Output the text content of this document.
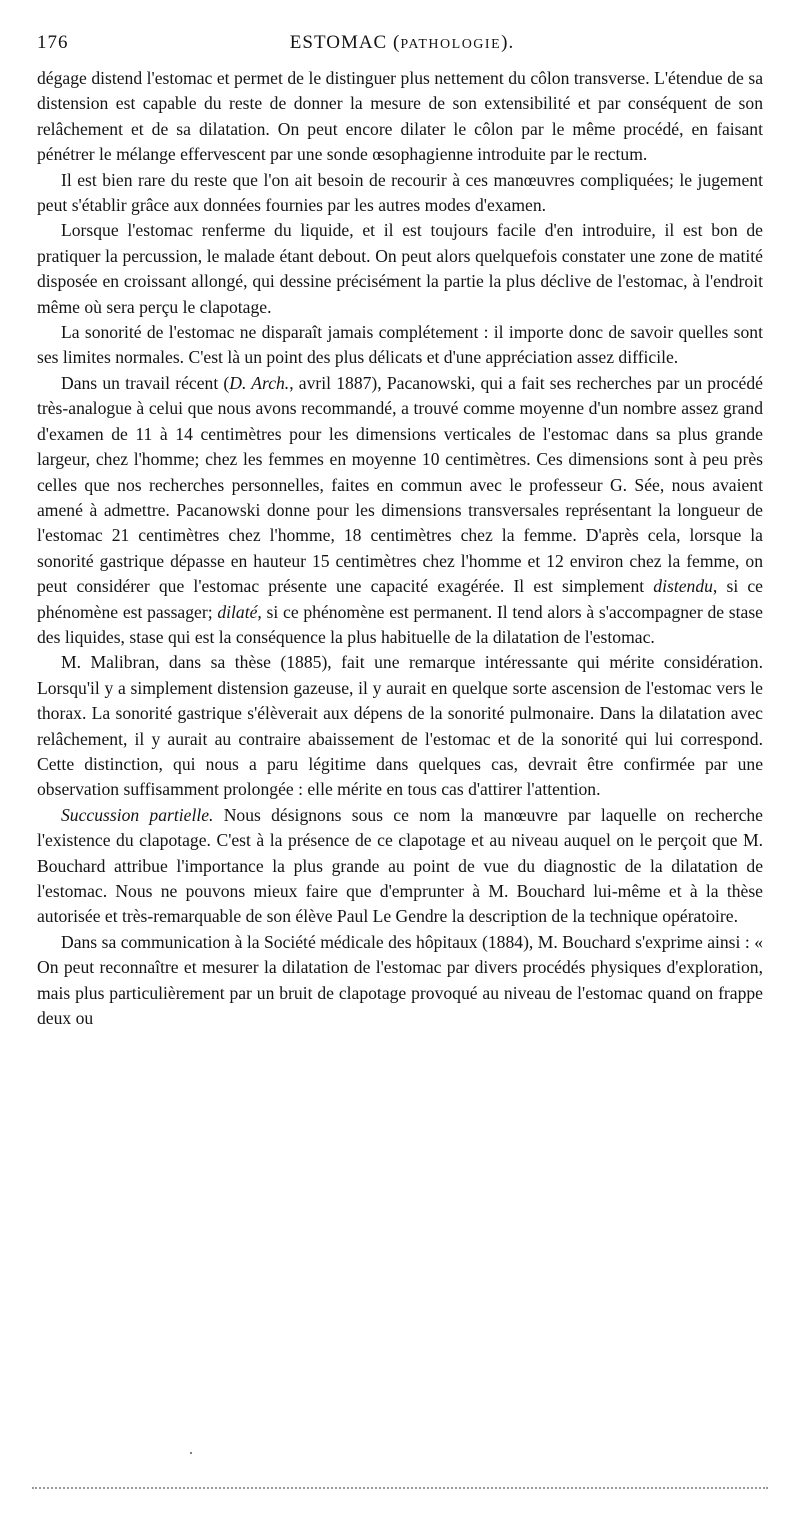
176	ESTOMAC (PATHOLOGIE).

dégage distend l'estomac et permet de le distinguer plus nettement du côlon transverse. L'étendue de sa distension est capable du reste de donner la mesure de son extensibilité et par conséquent de son relâchement et de sa dilatation. On peut encore dilater le côlon par le même procédé, en faisant pénétrer le mélange effervescent par une sonde œsophagienne introduite par le rectum.

Il est bien rare du reste que l'on ait besoin de recourir à ces manœuvres compliquées; le jugement peut s'établir grâce aux données fournies par les autres modes d'examen.

Lorsque l'estomac renferme du liquide, et il est toujours facile d'en introduire, il est bon de pratiquer la percussion, le malade étant debout. On peut alors quelquefois constater une zone de matité disposée en croissant allongé, qui dessine précisément la partie la plus déclive de l'estomac, à l'endroit même où sera perçu le clapotage.

La sonorité de l'estomac ne disparaît jamais complétement : il importe donc de savoir quelles sont ses limites normales. C'est là un point des plus délicats et d'une appréciation assez difficile.

Dans un travail récent (D. Arch., avril 1887), Pacanowski, qui a fait ses recherches par un procédé très-analogue à celui que nous avons recommandé, a trouvé comme moyenne d'un nombre assez grand d'examen de 11 à 14 centimètres pour les dimensions verticales de l'estomac dans sa plus grande largeur, chez l'homme; chez les femmes en moyenne 10 centimètres. Ces dimensions sont à peu près celles que nos recherches personnelles, faites en commun avec le professeur G. Sée, nous avaient amené à admettre. Pacanowski donne pour les dimensions transversales représentant la longueur de l'estomac 21 centimètres chez l'homme, 18 centimètres chez la femme. D'après cela, lorsque la sonorité gastrique dépasse en hauteur 15 centimètres chez l'homme et 12 environ chez la femme, on peut considérer que l'estomac présente une capacité exagérée. Il est simplement distendu, si ce phénomène est passager; dilaté, si ce phénomène est permanent. Il tend alors à s'accompagner de stase des liquides, stase qui est la conséquence la plus habituelle de la dilatation de l'estomac.

M. Malibran, dans sa thèse (1885), fait une remarque intéressante qui mérite considération. Lorsqu'il y a simplement distension gazeuse, il y aurait en quelque sorte ascension de l'estomac vers le thorax. La sonorité gastrique s'élèverait aux dépens de la sonorité pulmonaire. Dans la dilatation avec relâchement, il y aurait au contraire abaissement de l'estomac et de la sonorité qui lui correspond. Cette distinction, qui nous a paru légitime dans quelques cas, devrait être confirmée par une observation suffisamment prolongée : elle mérite en tous cas d'attirer l'attention.

Succussion partielle. Nous désignons sous ce nom la manœuvre par laquelle on recherche l'existence du clapotage. C'est à la présence de ce clapotage et au niveau auquel on le perçoit que M. Bouchard attribue l'importance la plus grande au point de vue du diagnostic de la dilatation de l'estomac. Nous ne pouvons mieux faire que d'emprunter à M. Bouchard lui-même et à la thèse autorisée et très-remarquable de son élève Paul Le Gendre la description de la technique opératoire.

Dans sa communication à la Société médicale des hôpitaux (1884), M. Bouchard s'exprime ainsi : « On peut reconnaître et mesurer la dilatation de l'estomac par divers procédés physiques d'exploration, mais plus particulièrement par un bruit de clapotage provoqué au niveau de l'estomac quand on frappe deux ou
